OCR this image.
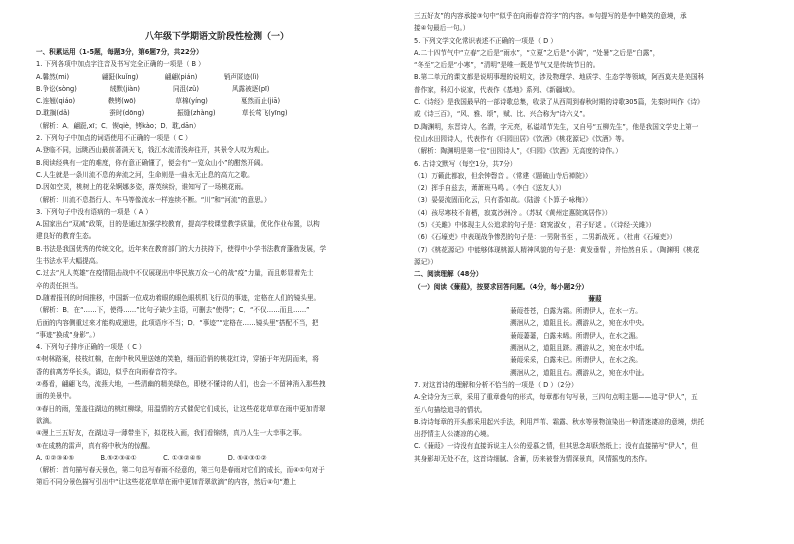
八年级下学期语文阶段性检测（一）
一、积累运用（1-5题，每题3分，第6题7分，共22分）
1. 下列各项中加点字注音及书写完全正确的一项是（ B ）
A.馨然(mi)　　　　　翩跹(kuǐng)　　　　翩翩(pián)　　　　销声匿迹(lì)
B.争讼(sòng)　　　　　绒默(jiàn)　　　　　同沮(zǔ)　　　　　风露被逐(pī)
C.连翘(qiáo)　　　　　鞅铐(wō)　　　　　　草棉(yíng)　　　　　戛然而止(jiā)
D.耽搁(dǎ)　　　　　　蚕时(dōng)　　　　　振缝(zhàng)　　　　草长莺飞(yīng)
（解析：A．翩跹,xī；C．锲qiè，铐kào；D．耽,dān）
2. 下列句子中加点的词语使用不正确的一项是（ C ）
A.登临不同，远眺西山最前著满天飞，钱江水流清浅奔往开，其景令人叹为观止。
B.阅读经典有一定的难度，你有意正确懂了，便会有“一览众山小”的酣然开阔。
C.人生就是一条川流不息的奔流之河，生命则是一曲永无止息的高亢之歌。
D.因如空灵，桃树上的花朵婀娜多姿，落英缤纷，谁知写了一场桃花雨。
（解析：川流不息指行人、车马等像流水一样连续不断。“川”和“河流”的意思。）
3. 下列句子中没有语病的一项是（ A ）
A.国家出台“双减”政策，目的是通过加强学校教育，提高学校课堂教学质量，优化作业布置，以构
建良好的教育生态。
B.书法是我国优秀的传统文化，近年来在教育部门的大力扶持下，使得中小学书法教育蓬勃发展，学
生书法水平大幅提高。
C.过去“凡人英雄”在疫情阻击战中不仅展现出中华民族万众一心的战“疫”力量，而且彰显着先士
卒的责任担当。
D.随着报刊的时间推移，中国新一位成功着眼的眼色眼机机飞行员的事迹，定格在人们的镜头里。
（解析：B．在“……下，使得……”比句子缺少主语，可删去“使得”；C．“不仅……而且……”
后面的内容侧重过来才能构成递进，此项语序不当；D．“事迹”“定格在……镜头里”搭配不当，把
“事迹”换成“身影”。）
4. 下列句子排序正确的一项是（ C ）
①树林路案，枝枝红棉，在南中秋风里送她的笑艳，细而沿俏的桃花红诗，穿插于年光阴而来，将
香的前离芳华长头，湖边，似乎在向雨春音符字。
②蓦看，翩翩飞鸟，流燕大地，一些清幽的精美绿色，即使不懂诗的人们，也会一不留神消入那些拽
面的美景中。
③春日的雨，笼盖往湖边的桃红柳绿，用温情的方式催促它们成长，让这些花花草草在雨中更加青翠
欲滴。
④漫上三五好友，在湖边寻一薄带坐下，拟花枝入画，我们看锦绣，真乃人生一大幸事之事。
⑤在成熟的雷声，真有将中秋为的惊醒。
A. ①②③④⑤　　　　B.⑤②③④①　　　　C. ①③②④⑤　　　　D. ⑤④③①②
（解析：首句描写春天景色，第二句总写春雨不经意的，第三句是春雨对它们的成长，而④①句对于
第后不同分景色描写引出中“让这些花花草草在雨中更加青翠欲滴”的内容，然后④句“邀上
三五好友”的内容承接③句中“似乎在向雨春音符字”的内容。⑤句提写的是李中略笑的意境，承
接④句最后一句。）
5. 下列文学文化常识表述不正确的一项是（ D ）
A.二十四节气中“立春”之后是“雨水”，“立夏”之后是“小满”，“处暑”之后是“白露”，
“冬至”之后是“小寒”，“清明”是唯一既是节气又是传统节日的。
B.第二单元的课文都是说明事理的说明文，涉及物理学、地质学、生态学等领域，阿西莫夫是美国科
普作家，科幻小说家，代表作《基地》系列、《新疆域》。
C.《诗经》是我国最早的一部诗歌总集，收录了从西周到春秋时期的诗歌305篇，先秦时叫作《诗》
或《诗三百》，“风、雅、颂”，赋、比、兴合称为“诗六义”。
D.陶渊明，东晋诗人，名潜，字元亮，私谥靖节先生，又自号“五柳先生”，他是我国文学史上第一
位山水田园诗人，代表作有《归园田居》《饮酒》《桃花源记》《饮酒》等。
（解析：陶渊明是第一位“田园诗人”，《归园》《饮酒》无高度的诗作。）
6. 古诗文默写（每空1分，共7分）
（1）万籁此都寂，但余钟磬音 。（常建《题破山寺后禅院》）
（2）挥手自兹去，萧萧班马鸣 。（李白《送友人》）
（3）晏晏流固而化云，只有香如故。（陆游《卜算子·咏梅》）
（4）孩尽寒枝不肯栖，寂寞沙洲冷 。（苏轼《黄州定惠院寓居作》）
（5）《关雎》中体现主人公追求的句子是：窈窕淑女 ，君子好逑 。（《诗经·关雎》）
（6）《石壕吏》中表现战争惨烈的句子是：一男附书至 ，二男新战死 。（杜甫《石壕吏》）
（7）《桃花源记》中能够体现桃源人精神风貌的句子是：黄发垂髫 ，并怡然自乐 。（陶渊明《桃花
源记》）
二、阅读理解（48分）
（一）阅读《蒹葭》，按要求回答问题。（4分，每小题2分）
蒹葭
蒹葭苍苍，白露为霜。所谓伊人，在水一方。
溯洄从之，道阻且长。溯游从之，宛在水中央。
蒹葭萋萋，白露未晞。所谓伊人，在水之湄。
溯洄从之，道阻且跻。溯游从之，宛在水中坻。
蒹葭采采，白露未已。所谓伊人，在水之涘。
溯洄从之，道阻且右。溯游从之，宛在水中沚。
7. 对这首诗的理解和分析不恰当的一项是（ D ）（2分）
A.全诗分为三章，采用了重章叠句的形式，每章都有句写景，三四句点明主题——追寻“伊人”，五
至八句描绘追寻的情状。
B.诗诗每章的开头都采用起兴手法，利用芦苇、霜露、秋水等景物渲染出一种清迷凄凉的意境，烘托
出抒情主人公凄凉的心境。
C.《蒹葭》一诗没有直接诉说主人公的爱慕之情，但其思念却跃然纸上；没有直接描写“伊人”，但
其身影却无处不在，这首诗细腻、含蓄，历来被誉为情深景真，风情摇曳的杰作。
